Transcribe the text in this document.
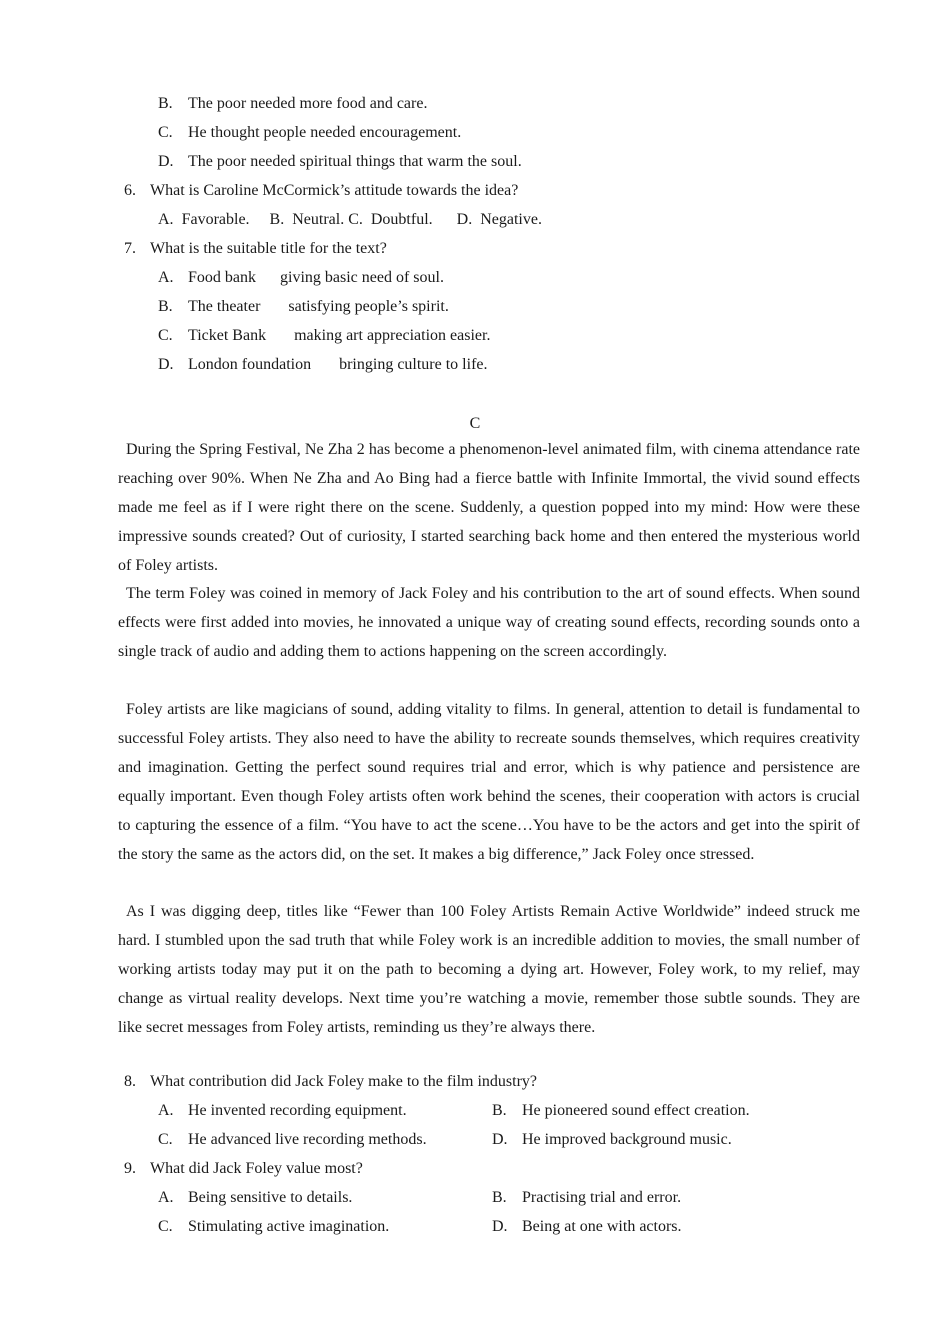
B. The poor needed more food and care.
C. He thought people needed encouragement.
D. The poor needed spiritual things that warm the soul.
6. What is Caroline McCormick’s attitude towards the idea?
A. Favorable. B. Neutral. C. Doubtful. D. Negative.
7. What is the suitable title for the text?
A. Food bank giving basic need of soul.
B. The theater satisfying people’s spirit.
C. Ticket Bank making art appreciation easier.
D. London foundation bringing culture to life.
C
During the Spring Festival, Ne Zha 2 has become a phenomenon-level animated film, with cinema attendance rate reaching over 90%. When Ne Zha and Ao Bing had a fierce battle with Infinite Immortal, the vivid sound effects made me feel as if I were right there on the scene. Suddenly, a question popped into my mind: How were these impressive sounds created? Out of curiosity, I started searching back home and then entered the mysterious world of Foley artists.
The term Foley was coined in memory of Jack Foley and his contribution to the art of sound effects. When sound effects were first added into movies, he innovated a unique way of creating sound effects, recording sounds onto a single track of audio and adding them to actions happening on the screen accordingly.
Foley artists are like magicians of sound, adding vitality to films. In general, attention to detail is fundamental to successful Foley artists. They also need to have the ability to recreate sounds themselves, which requires creativity and imagination. Getting the perfect sound requires trial and error, which is why patience and persistence are equally important. Even though Foley artists often work behind the scenes, their cooperation with actors is crucial to capturing the essence of a film. “You have to act the scene…You have to be the actors and get into the spirit of the story the same as the actors did, on the set. It makes a big difference,” Jack Foley once stressed.
As I was digging deep, titles like “Fewer than 100 Foley Artists Remain Active Worldwide” indeed struck me hard. I stumbled upon the sad truth that while Foley work is an incredible addition to movies, the small number of working artists today may put it on the path to becoming a dying art. However, Foley work, to my relief, may change as virtual reality develops. Next time you’re watching a movie, remember those subtle sounds. They are like secret messages from Foley artists, reminding us they’re always there.
8. What contribution did Jack Foley make to the film industry?
A. He invented recording equipment.	B. He pioneered sound effect creation.
C. He advanced live recording methods.	D. He improved background music.
9. What did Jack Foley value most?
A. Being sensitive to details.	B. Practising trial and error.
C. Stimulating active imagination.	D. Being at one with actors.
